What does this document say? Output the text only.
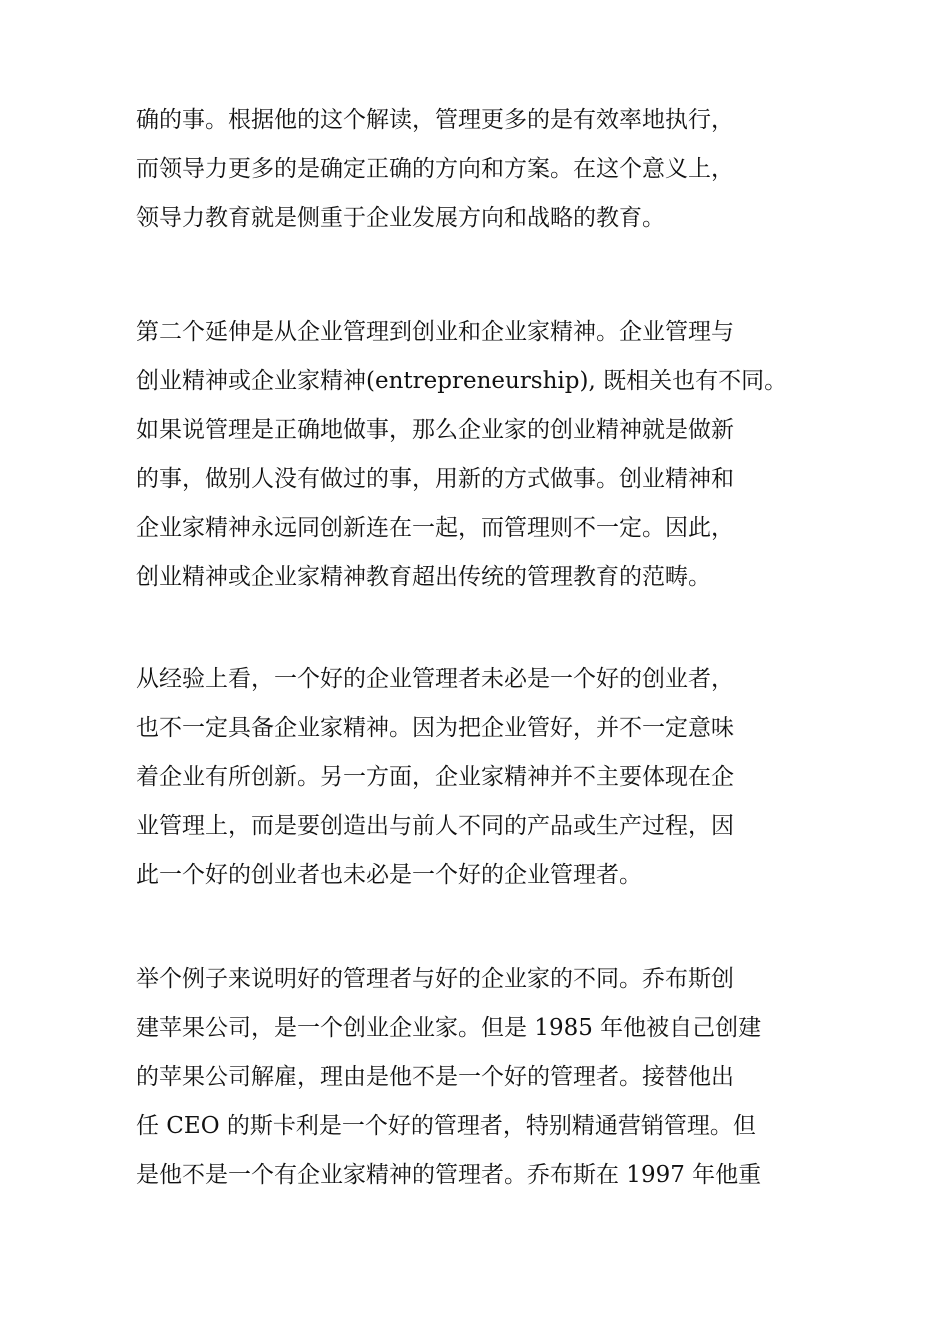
确的事。根据他的这个解读，管理更多的是有效率地执行，
而领导力更多的是确定正确的方向和方案。在这个意义上，
领导力教育就是侧重于企业发展方向和战略的教育。
第二个延伸是从企业管理到创业和企业家精神。企业管理与
创业精神或企业家精神(entrepreneurship), 既相关也有不同。
如果说管理是正确地做事，那么企业家的创业精神就是做新
的事，做别人没有做过的事，用新的方式做事。创业精神和
企业家精神永远同创新连在一起，而管理则不一定。因此，
创业精神或企业家精神教育超出传统的管理教育的范畴。
从经验上看，一个好的企业管理者未必是一个好的创业者，
也不一定具备企业家精神。因为把企业管好，并不一定意味
着企业有所创新。另一方面，企业家精神并不主要体现在企
业管理上，而是要创造出与前人不同的产品或生产过程，因
此一个好的创业者也未必是一个好的企业管理者。
举个例子来说明好的管理者与好的企业家的不同。乔布斯创
建苹果公司，是一个创业企业家。但是 1985 年他被自己创建
的苹果公司解雇，理由是他不是一个好的管理者。接替他出
任 CEO 的斯卡利是一个好的管理者，特别精通营销管理。但
是他不是一个有企业家精神的管理者。乔布斯在 1997 年他重
